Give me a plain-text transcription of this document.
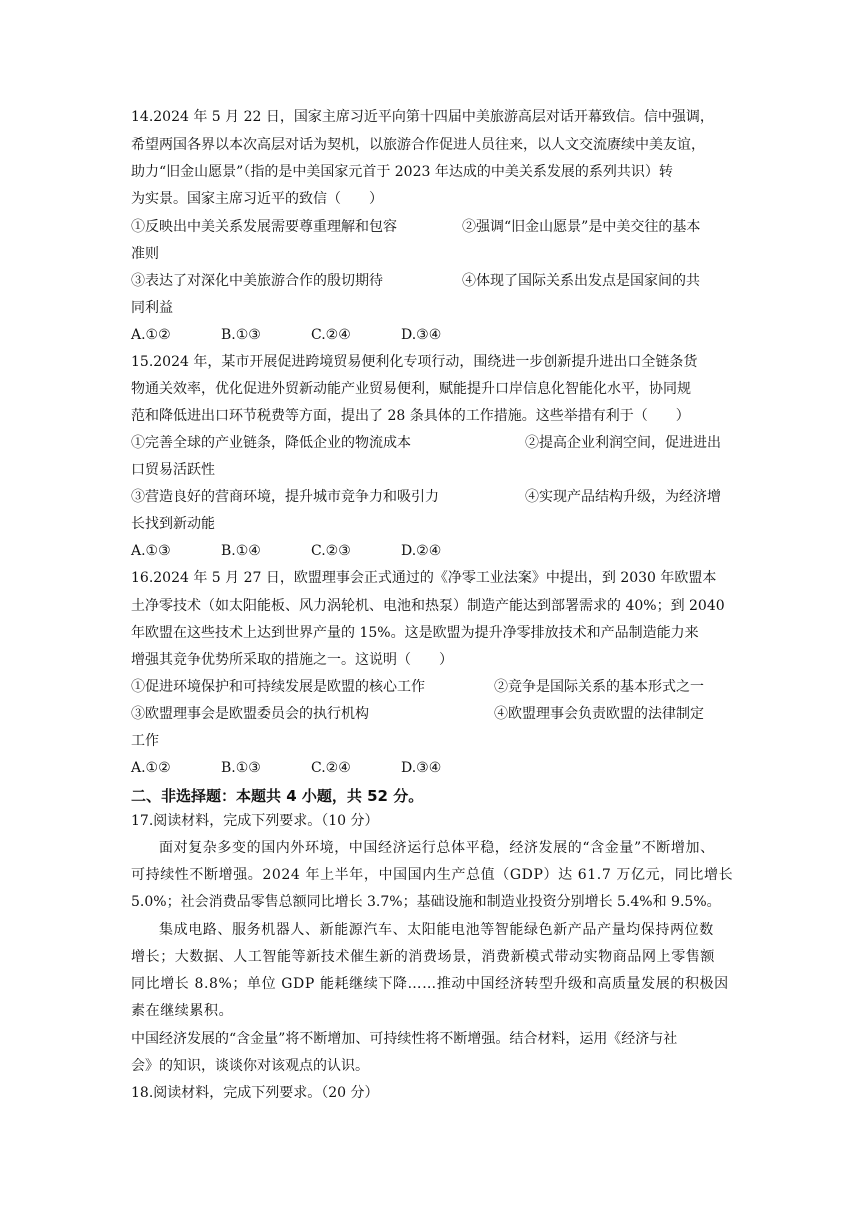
14.2024 年 5 月 22 日，国家主席习近平向第十四届中美旅游高层对话开幕致信。信中强调，
希望两国各界以本次高层对话为契机，以旅游合作促进人员往来，以人文交流赓续中美友谊，
助力“旧金山愿景”（指的是中美国家元首于 2023 年达成的中美关系发展的系列共识）转
为实景。国家主席习近平的致信（　　）
①反映出中美关系发展需要尊重理解和包容	②强调“旧金山愿景”是中美交往的基本
准则
③表达了对深化中美旅游合作的殷切期待	④体现了国际关系出发点是国家间的共
同利益
A.①②	B.①③	C.②④	D.③④
15.2024 年，某市开展促进跨境贸易便利化专项行动，围绕进一步创新提升进出口全链条货
物通关效率，优化促进外贸新动能产业贸易便利，赋能提升口岸信息化智能化水平，协同规
范和降低进出口环节税费等方面，提出了 28 条具体的工作措施。这些举措有利于（　　）
①完善全球的产业链条，降低企业的物流成本	②提高企业利润空间，促进进出
口贸易活跃性
③营造良好的营商环境，提升城市竞争力和吸引力	④实现产品结构升级，为经济增
长找到新动能
A.①③	B.①④	C.②③	D.②④
16.2024 年 5 月 27 日，欧盟理事会正式通过的《净零工业法案》中提出，到 2030 年欧盟本
土净零技术（如太阳能板、风力涡轮机、电池和热泵）制造产能达到部署需求的 40%；到 2040
年欧盟在这些技术上达到世界产量的 15%。这是欧盟为提升净零排放技术和产品制造能力来
增强其竞争优势所采取的措施之一。这说明（　　）
①促进环境保护和可持续发展是欧盟的核心工作	②竞争是国际关系的基本形式之一
③欧盟理事会是欧盟委员会的执行机构	④欧盟理事会负责欧盟的法律制定
工作
A.①②	B.①③	C.②④	D.③④
二、非选择题：本题共 4 小题，共 52 分。
17.阅读材料，完成下列要求。（10 分）
面对复杂多变的国内外环境，中国经济运行总体平稳，经济发展的“含金量”不断增加、
可持续性不断增强。2024 年上半年，中国国内生产总值（GDP）达 61.7 万亿元，同比增长
5.0%；社会消费品零售总额同比增长 3.7%；基础设施和制造业投资分别增长 5.4%和 9.5%。
集成电路、服务机器人、新能源汽车、太阳能电池等智能绿色新产品产量均保持两位数
增长；大数据、人工智能等新技术催生新的消费场景，消费新模式带动实物商品网上零售额
同比增长 8.8%；单位 GDP 能耗继续下降……推动中国经济转型升级和高质量发展的积极因
素在继续累积。
中国经济发展的“含金量”将不断增加、可持续性将不断增强。结合材料，运用《经济与社
会》的知识，谈谈你对该观点的认识。
18.阅读材料，完成下列要求。（20 分）
